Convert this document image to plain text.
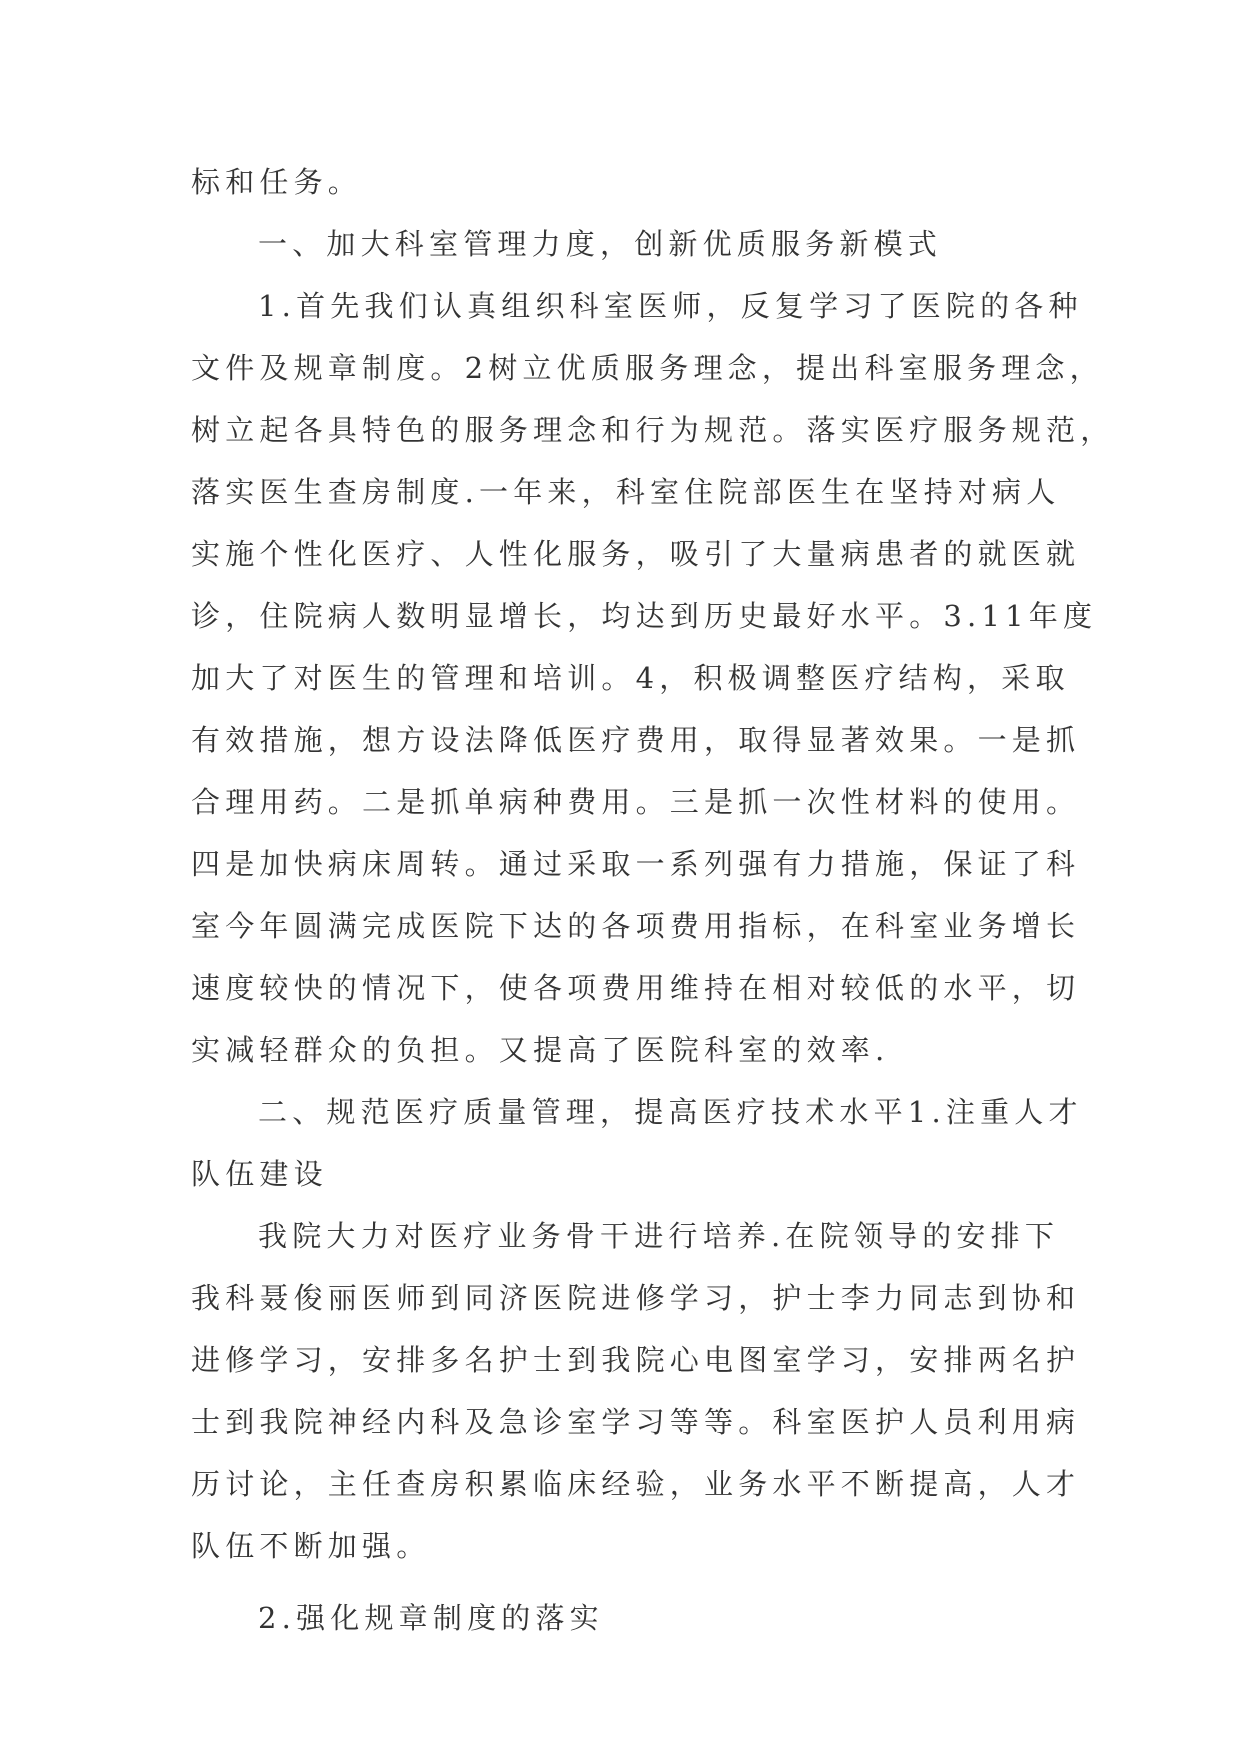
标和任务。
一、加大科室管理力度，创新优质服务新模式
1.首先我们认真组织科室医师，反复学习了医院的各种
文件及规章制度。2树立优质服务理念，提出科室服务理念，
树立起各具特色的服务理念和行为规范。落实医疗服务规范，
落实医生查房制度.一年来，科室住院部医生在坚持对病人
实施个性化医疗、人性化服务，吸引了大量病患者的就医就
诊，住院病人数明显增长，均达到历史最好水平。3.11年度
加大了对医生的管理和培训。4，积极调整医疗结构，采取
有效措施，想方设法降低医疗费用，取得显著效果。一是抓
合理用药。二是抓单病种费用。三是抓一次性材料的使用。
四是加快病床周转。通过采取一系列强有力措施，保证了科
室今年圆满完成医院下达的各项费用指标，在科室业务增长
速度较快的情况下，使各项费用维持在相对较低的水平，切
实减轻群众的负担。又提高了医院科室的效率.
二、规范医疗质量管理，提高医疗技术水平1.注重人才
队伍建设
我院大力对医疗业务骨干进行培养.在院领导的安排下
我科聂俊丽医师到同济医院进修学习，护士李力同志到协和
进修学习，安排多名护士到我院心电图室学习，安排两名护
士到我院神经内科及急诊室学习等等。科室医护人员利用病
历讨论，主任查房积累临床经验，业务水平不断提高，人才
队伍不断加强。
2.强化规章制度的落实
